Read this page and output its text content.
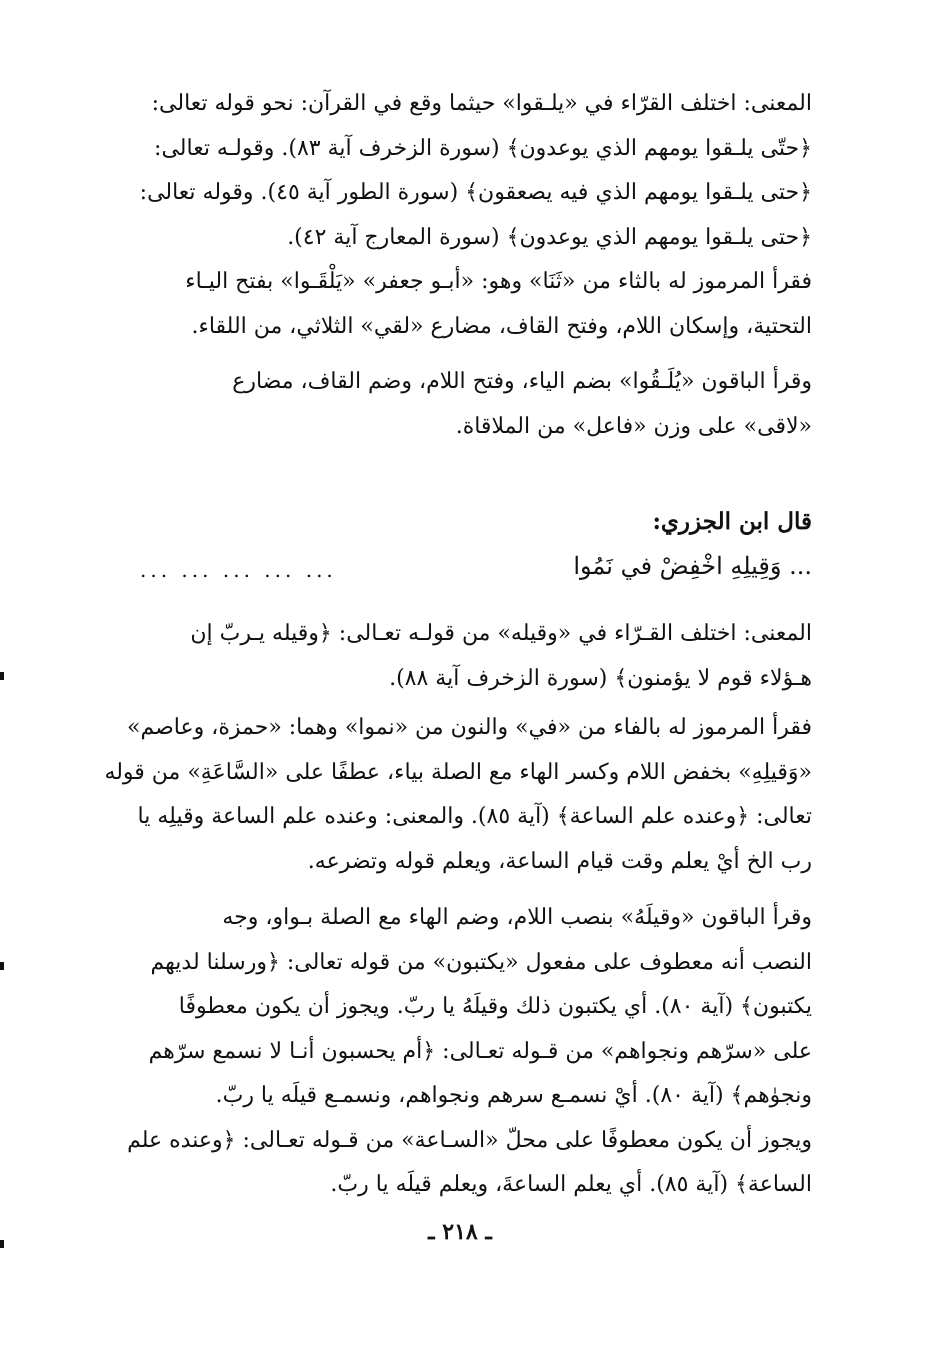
المعنى: اختلف القرّاء في «يلـقوا» حيثما وقع في القرآن: نحو قوله تعالى:
﴿حتّى يلـقوا يومهم الذي يوعدون﴾ (سورة الزخرف آية ٨٣). وقولـه تعالى:
﴿حتى يلـقوا يومهم الذي فيه يصعقون﴾ (سورة الطور آية ٤٥). وقوله تعالى:
﴿حتى يلـقوا يومهم الذي يوعدون﴾ (سورة المعارج آية ٤٢).
فقرأ المرموز له بالثاء من «ثَنَا» وهو: «أبـو جعفر» «يَلْقَـوا» بفتح اليـاء
التحتية، وإسكان اللام، وفتح القاف، مضارع «لقي» الثلاثي، من اللقاء.
وقرأ الباقون «يُلَـقُوا» بضم الياء، وفتح اللام، وضم القاف، مضارع
«لاقى» على وزن «فاعل» من الملاقاة.
قال ابن الجزري:
... وَقِيلِهِ اخْفِضْ في نَمُوا
... ... ... ... ...
المعنى: اختلف القـرّاء في «وقيله» من قولـه تعـالى: ﴿وقيله يـربّ إن
هـؤلاء قوم لا يؤمنون﴾ (سورة الزخرف آية ٨٨).
فقرأ المرموز له بالفاء من «في» والنون من «نموا» وهما: «حمزة، وعاصم»
«وَقيلِهِ» بخفض اللام وكسر الهاء مع الصلة بياء، عطفًا على «السَّاعَةِ» من قوله
تعالى: ﴿وعنده علم الساعة﴾ (آية ٨٥). والمعنى: وعنده علم الساعة وقيلِه يا
رب الخ أيْ يعلم وقت قيام الساعة، ويعلم قوله وتضرعه.
وقرأ الباقون «وقيلَهُ» بنصب اللام، وضم الهاء مع الصلة بـواو، وجه
النصب أنه معطوف على مفعول «يكتبون» من قوله تعالى: ﴿ورسلنا لديهم
يكتبون﴾ (آية ٨٠). أي يكتبون ذلك وقيلَهُ يا ربّ. ويجوز أن يكون معطوفًا
على «سرّهم ونجواهم» من قـوله تعـالى: ﴿أم يحسبون أنـا لا نسمع سرّهم
ونجوٰهم﴾ (آية ٨٠). أيْ نسمـع سرهم ونجواهم، ونسمـع قيلَه يا ربّ.
ويجوز أن يكون معطوفًا على محلّ «السـاعة» من قـوله تعـالى: ﴿وعنده علم
الساعة﴾ (آية ٨٥). أي يعلم الساعةَ، ويعلم قيلَه يا ربّ.
ـ ٢١٨ ـ
